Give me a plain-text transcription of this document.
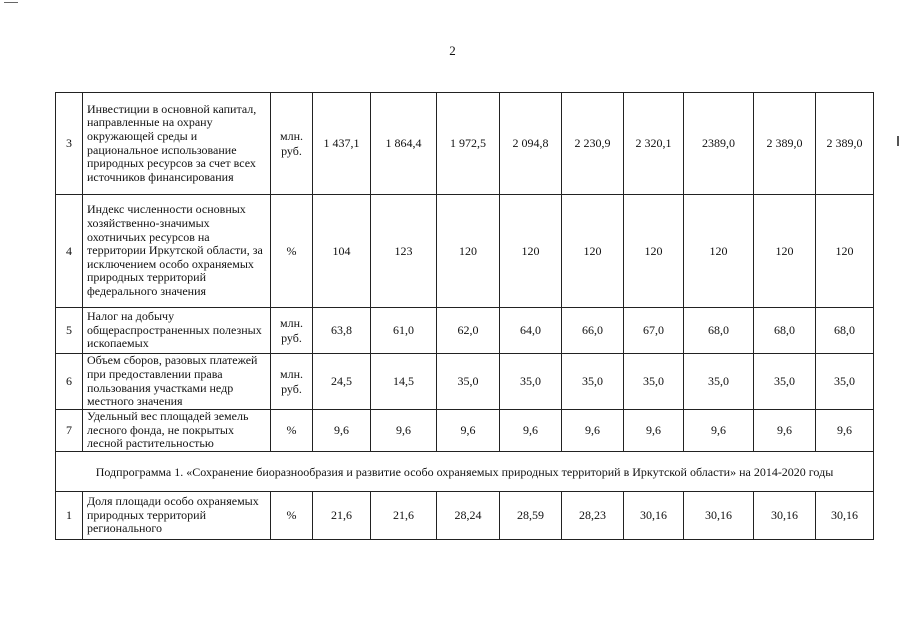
2
3	Инвестиции в основной капитал, направленные на охрану окружающей среды и рациональное использование природных ресурсов за счет всех источников финансирования	млн. руб.	1 437,1	1 864,4	1 972,5	2 094,8	2 230,9	2 320,1	2389,0	2 389,0	2 389,0
4	Индекс численности основных хозяйственно-значимых охотничьих ресурсов на территории Иркутской области, за исключением особо охраняемых природных территорий федерального значения	%	104	123	120	120	120	120	120	120	120
5	Налог на добычу общераспространенных полезных ископаемых	млн. руб.	63,8	61,0	62,0	64,0	66,0	67,0	68,0	68,0	68,0
6	Объем сборов, разовых платежей при предоставлении права пользования участками недр местного значения	млн. руб.	24,5	14,5	35,0	35,0	35,0	35,0	35,0	35,0	35,0
7	Удельный вес площадей земель лесного фонда, не покрытых лесной растительностью	%	9,6	9,6	9,6	9,6	9,6	9,6	9,6	9,6	9,6
Подпрограмма 1. «Сохранение биоразнообразия и развитие особо охраняемых природных территорий в Иркутской области» на 2014-2020 годы											
1	Доля площади особо охраняемых природных территорий регионального	%	21,6	21,6	28,24	28,59	28,23	30,16	30,16	30,16	30,16
